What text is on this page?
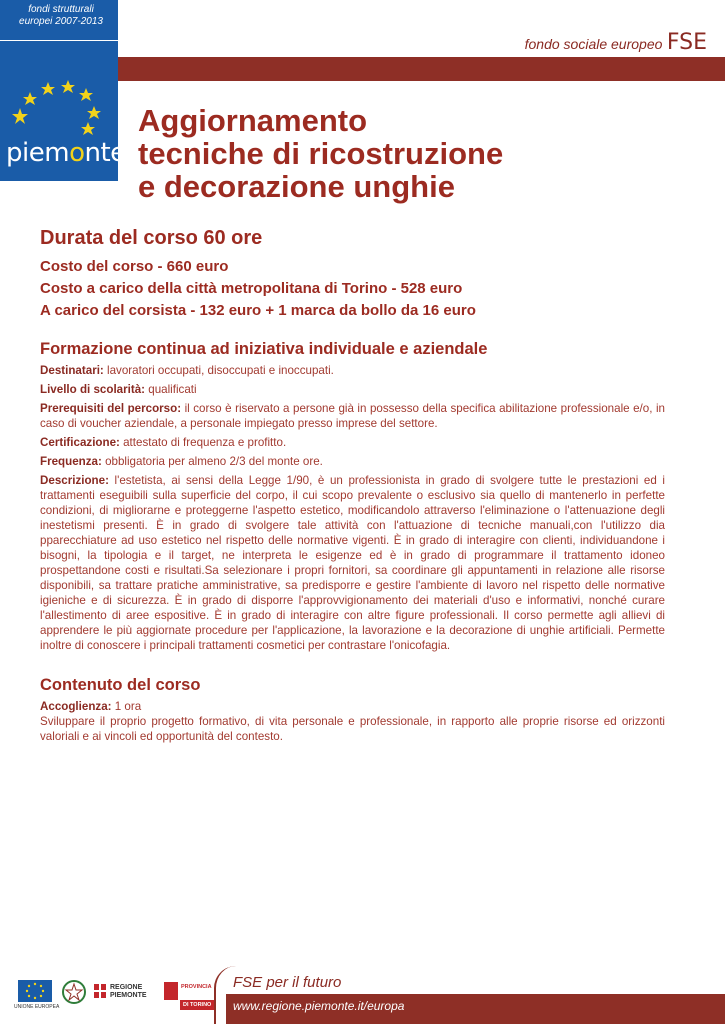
fondi strutturali
europei 2007-2013
piemonte
fondo sociale europeo FSE
Aggiornamento
tecniche di ricostruzione
e decorazione unghie
Durata del corso 60 ore

Costo del corso - 660 euro

Costo a carico della città metropolitana di Torino - 528 euro

A carico del corsista - 132 euro + 1 marca da bollo da 16 euro

Formazione continua ad iniziativa individuale e aziendale

Destinatari: lavoratori occupati, disoccupati e inoccupati.

Livello di scolarità: qualificati

Prerequisiti del percorso: il corso è riservato a persone già in possesso della specifica abilitazione professionale e/o, in caso di voucher aziendale, a personale impiegato presso imprese del settore.

Certificazione: attestato di frequenza e profitto.

Frequenza: obbligatoria per almeno 2/3 del monte ore.

Descrizione: l'estetista, ai sensi della Legge 1/90, è un professionista in grado di svolgere tutte le prestazioni ed i trattamenti eseguibili sulla superficie del corpo, il cui scopo prevalente o esclusivo sia quello di mantenerlo in perfette condizioni, di migliorarne e proteggerne l'aspetto estetico, modificandolo attraverso l'eliminazione o l'attenuazione degli inestetismi presenti. È in grado di svolgere tale attività con l'attuazione di tecniche manuali,con l'utilizzo dia pparecchiature ad uso estetico nel rispetto delle normative vigenti. È in grado di interagire con clienti, individuandone i bisogni, la tipologia e il target, ne interpreta le esigenze ed è in grado di programmare il trattamento idoneo prospettandone costi e risultati.Sa selezionare i propri fornitori, sa coordinare gli appuntamenti in relazione alle risorse disponibili, sa trattare pratiche amministrative, sa predisporre e gestire l'ambiente di lavoro nel rispetto delle normative igieniche e di sicurezza. È in grado di disporre l'approvvigionamento dei materiali d'uso e informativi, nonché curare l'allestimento di aree espositive. È in grado di interagire con altre figure professionali. Il corso permette agli allievi di apprendere le più aggiornate procedure per l'applicazione, la lavorazione e la decorazione di unghie artificiali. Permette inoltre di conoscere i principali trattamenti cosmetici per contrastare l'onicofagia.

Contenuto del corso

Accoglienza: 1 ora

Sviluppare il proprio progetto formativo, di vita personale e professionale, in rapporto alle proprie risorse ed orizzonti valoriali e ai vincoli ed opportunità del contesto.

UNIONE EUROPEA
REGIONE
PIEMONTE
PROVINCIA
DI TORINO
FSE per il futuro
www.regione.piemonte.it/europa
